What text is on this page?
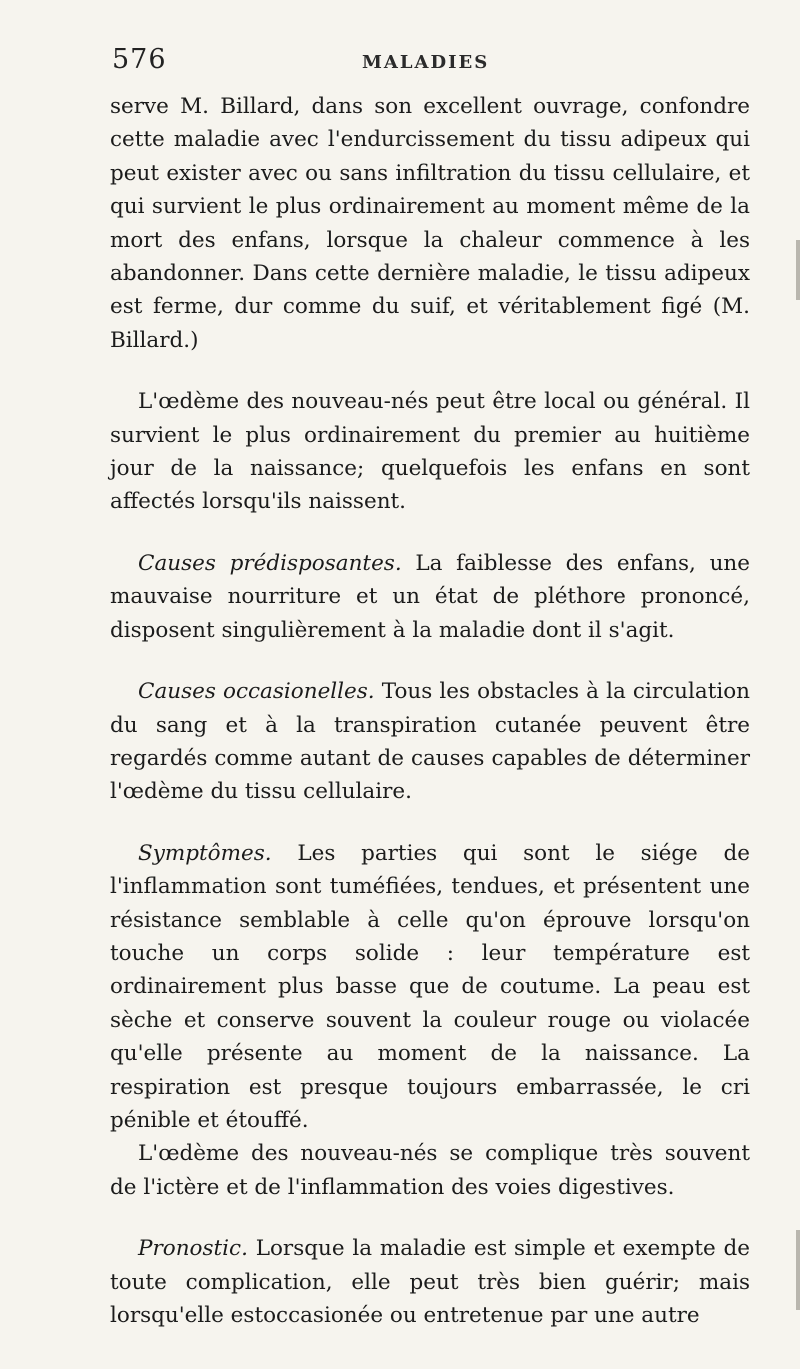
576	MALADIES

serve M. Billard, dans son excellent ouvrage, confondre cette maladie avec l'endurcissement du tissu adipeux qui peut exister avec ou sans infiltration du tissu cellulaire, et qui survient le plus ordinairement au moment même de la mort des enfans, lorsque la chaleur commence à les abandonner. Dans cette dernière maladie, le tissu adipeux est ferme, dur comme du suif, et véritablement figé (M. Billard.)

L'œdème des nouveau-nés peut être local ou général. Il survient le plus ordinairement du premier au huitième jour de la naissance; quelquefois les enfans en sont affectés lorsqu'ils naissent.

Causes prédisposantes. La faiblesse des enfans, une mauvaise nourriture et un état de pléthore prononcé, disposent singulièrement à la maladie dont il s'agit.

Causes occasionelles. Tous les obstacles à la circulation du sang et à la transpiration cutanée peuvent être regardés comme autant de causes capables de déterminer l'œdème du tissu cellulaire.

Symptômes. Les parties qui sont le siége de l'inflammation sont tuméfiées, tendues, et présentent une résistance semblable à celle qu'on éprouve lorsqu'on touche un corps solide : leur température est ordinairement plus basse que de coutume. La peau est sèche et conserve souvent la couleur rouge ou violacée qu'elle présente au moment de la naissance. La respiration est presque toujours embarrassée, le cri pénible et étouffé.

L'œdème des nouveau-nés se complique très souvent de l'ictère et de l'inflammation des voies digestives.

Pronostic. Lorsque la maladie est simple et exempte de toute complication, elle peut très bien guérir; mais lorsqu'elle estoccasionée ou entretenue par une autre
